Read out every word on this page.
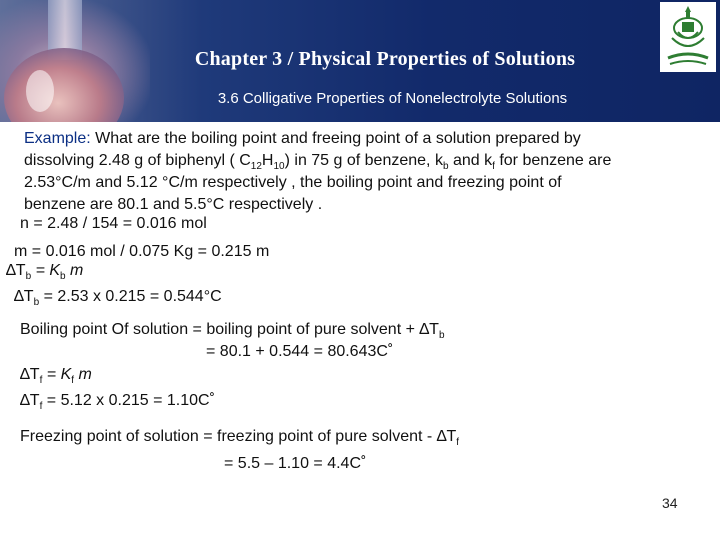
Chapter 3 / Physical Properties of Solutions
3.6 Colligative Properties of Nonelectrolyte Solutions
Example: What are the boiling point and freeing point of a solution prepared by
dissolving 2.48 g of biphenyl ( $C_{12}H_{10}$) in 75 g of benzene, $k_b$ and $k_f$ for benzene are
2.53°C/m and 5.12 °C/m respectively , the boiling point and freezing point of
benzene are 80.1 and 5.5°C respectively .
n = 2.48 / 154 = 0.016 mol
m = 0.016 mol / 0.075 Kg = 0.215 m
$\Delta T_b = K_b$ m
$\Delta T_b = 2.53$ x 0.215 = 0.544°C
Boiling point Of solution = boiling point of pure solvent + $\Delta T_b$
= 80.1 + 0.544 = 80.643C˚
$\Delta T_f = K_f$ m
$\Delta T_f = 5.12$ x 0.215 = 1.10C˚
Freezing point of solution = freezing point of pure solvent - $\Delta T_f$
= 5.5 – 1.10 = 4.4C˚
34
